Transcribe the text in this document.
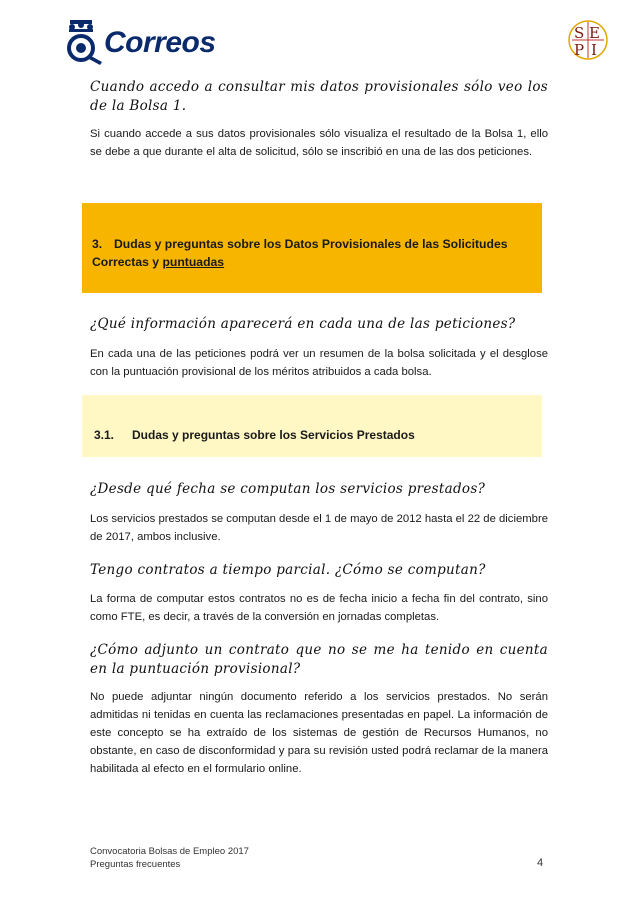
Correos	S E
P I
Cuando accedo a consultar mis datos provisionales sólo veo los de la Bolsa 1.
Si cuando accede a sus datos provisionales sólo visualiza el resultado de la Bolsa 1, ello se debe a que durante el alta de solicitud, sólo se inscribió en una de las dos peticiones.
3. Dudas y preguntas sobre los Datos Provisionales de las Solicitudes Correctas y puntuadas
¿Qué información aparecerá en cada una de las peticiones?
En cada una de las peticiones podrá ver un resumen de la bolsa solicitada y el desglose con la puntuación provisional de los méritos atribuidos a cada bolsa.
3.1. Dudas y preguntas sobre los Servicios Prestados
¿Desde qué fecha se computan los servicios prestados?
Los servicios prestados se computan desde el 1 de mayo de 2012 hasta el 22 de diciembre de 2017, ambos inclusive.
Tengo contratos a tiempo parcial. ¿Cómo se computan?
La forma de computar estos contratos no es de fecha inicio a fecha fin del contrato, sino como FTE, es decir, a través de la conversión en jornadas completas.
¿Cómo adjunto un contrato que no se me ha tenido en cuenta en la puntuación provisional?
No puede adjuntar ningún documento referido a los servicios prestados. No serán admitidas ni tenidas en cuenta las reclamaciones presentadas en papel. La información de este concepto se ha extraído de los sistemas de gestión de Recursos Humanos, no obstante, en caso de disconformidad y para su revisión usted podrá reclamar de la manera habilitada al efecto en el formulario online.
Convocatoria Bolsas de Empleo 2017
Preguntas frecuentes	4
